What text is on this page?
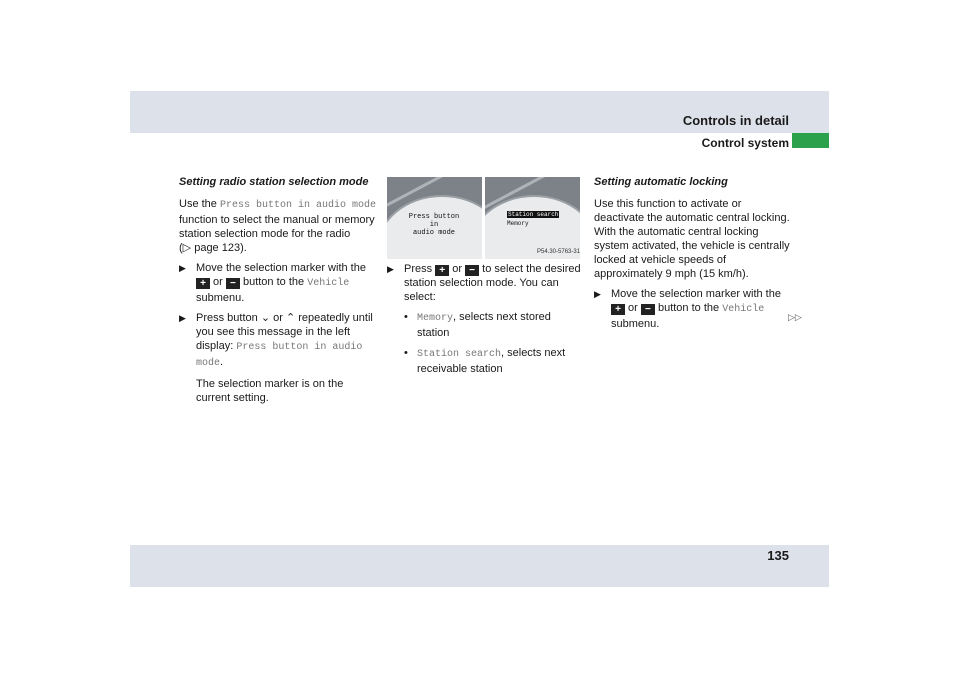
Controls in detail
Control system
Setting radio station selection mode

Use the Press button in audio mode function to select the manual or memory station selection mode for the radio (▷ page 123).

▶ Move the selection marker with the + or − button to the Vehicle submenu.
▶ Press button ⌄ or ⌃ repeatedly until you see this message in the left display: Press button in audio mode.

The selection marker is on the current setting.

Press button in
audio mode
Station search
Memory
P54.30-5763-31
▶ Press + or − to select the desired station selection mode. You can select:
• Memory, selects next stored station
• Station search, selects next receivable station
Setting automatic locking

Use this function to activate or deactivate the automatic central locking. With the automatic central locking system activated, the vehicle is centrally locked at vehicle speeds of approximately 9 mph (15 km/h).

▶ Move the selection marker with the + or − button to the Vehicle submenu.
▷▷
135
